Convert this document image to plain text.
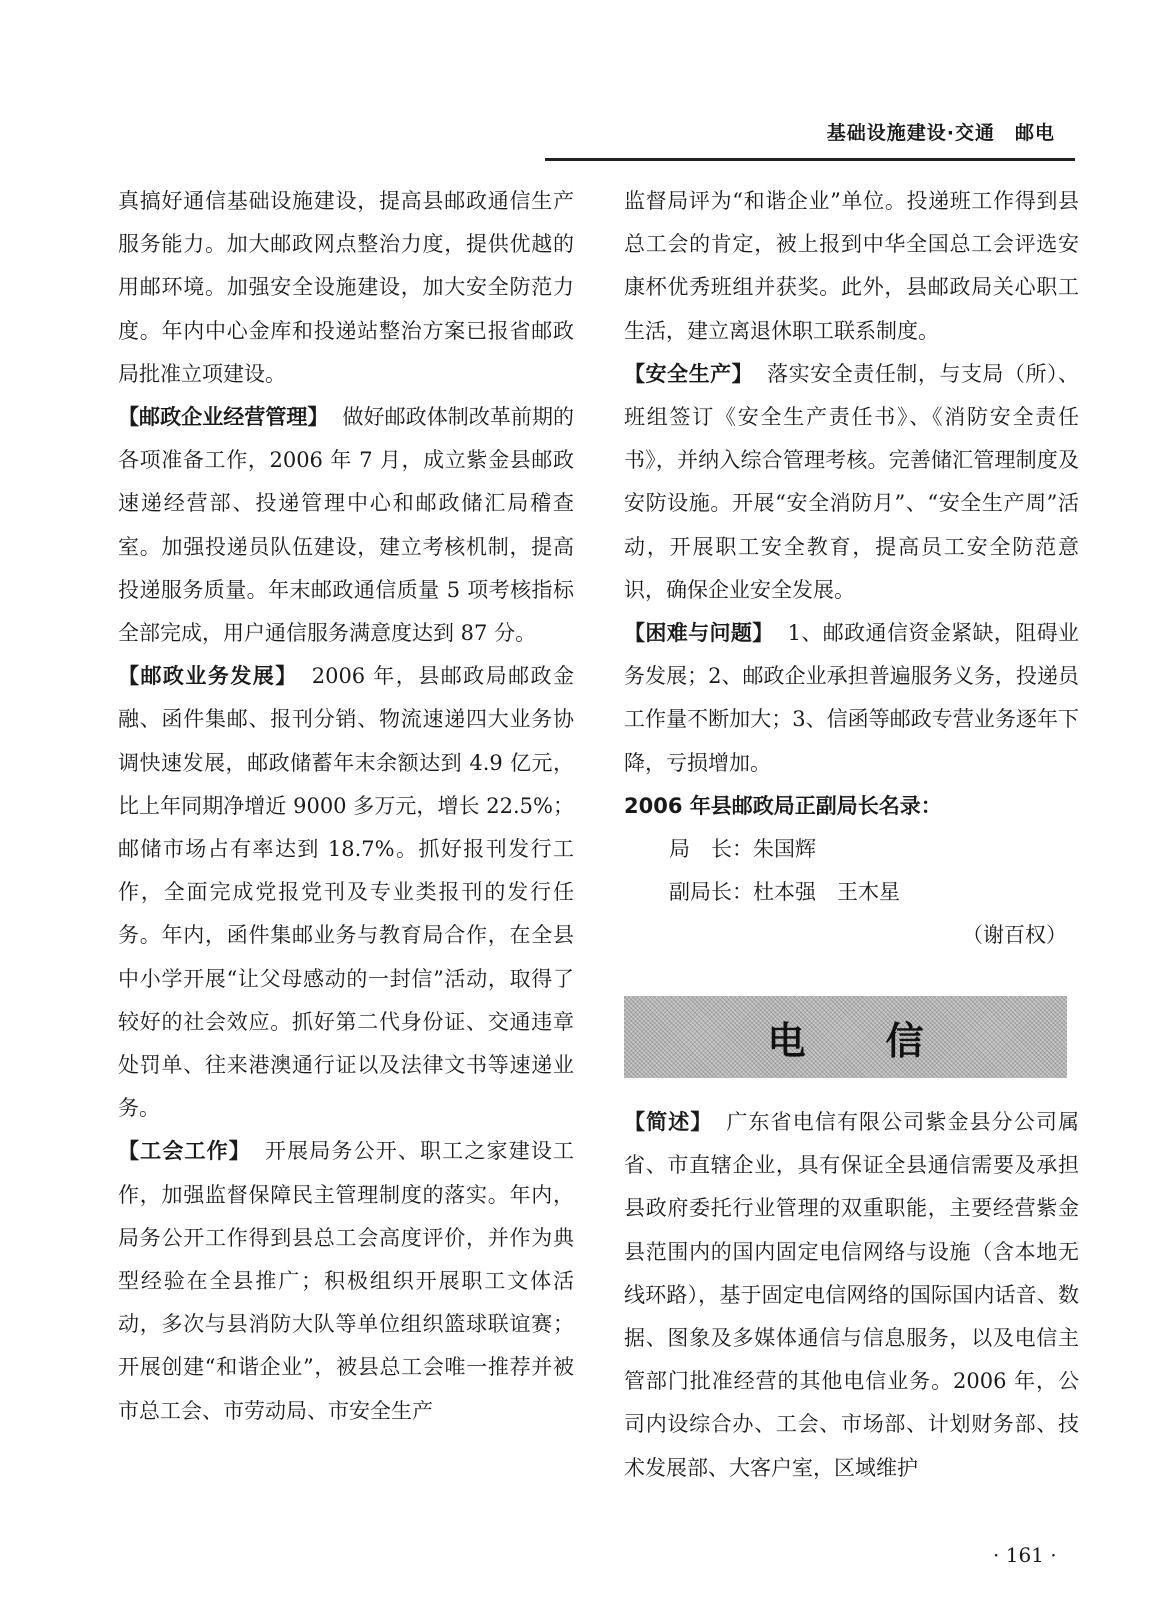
基础设施建设·交通　邮电

真搞好通信基础设施建设，提高县邮政通信生产服务能力。加大邮政网点整治力度，提供优越的用邮环境。加强安全设施建设，加大安全防范力度。年内中心金库和投递站整治方案已报省邮政局批准立项建设。

【邮政企业经营管理】 做好邮政体制改革前期的各项准备工作，2006 年 7 月，成立紫金县邮政速递经营部、投递管理中心和邮政储汇局稽查室。加强投递员队伍建设，建立考核机制，提高投递服务质量。年末邮政通信质量 5 项考核指标全部完成，用户通信服务满意度达到 87 分。

【邮政业务发展】 2006 年，县邮政局邮政金融、函件集邮、报刊分销、物流速递四大业务协调快速发展，邮政储蓄年末余额达到 4.9 亿元，比上年同期净增近 9000 多万元，增长 22.5%；邮储市场占有率达到 18.7%。抓好报刊发行工作，全面完成党报党刊及专业类报刊的发行任务。年内，函件集邮业务与教育局合作，在全县中小学开展“让父母感动的一封信”活动，取得了较好的社会效应。抓好第二代身份证、交通违章处罚单、往来港澳通行证以及法律文书等速递业务。

【工会工作】 开展局务公开、职工之家建设工作，加强监督保障民主管理制度的落实。年内，局务公开工作得到县总工会高度评价，并作为典型经验在全县推广；积极组织开展职工文体活动，多次与县消防大队等单位组织篮球联谊赛；开展创建“和谐企业”，被县总工会唯一推荐并被市总工会、市劳动局、市安全生产

监督局评为“和谐企业”单位。投递班工作得到县总工会的肯定，被上报到中华全国总工会评选安康杯优秀班组并获奖。此外，县邮政局关心职工生活，建立离退休职工联系制度。

【安全生产】 落实安全责任制，与支局（所）、班组签订《安全生产责任书》、《消防安全责任书》，并纳入综合管理考核。完善储汇管理制度及安防设施。开展“安全消防月”、“安全生产周”活动，开展职工安全教育，提高员工安全防范意识，确保企业安全发展。

【困难与问题】 1、邮政通信资金紧缺，阻碍业务发展；2、邮政企业承担普遍服务义务，投递员工作量不断加大；3、信函等邮政专营业务逐年下降，亏损增加。

2006 年县邮政局正副局长名录：

局　长：朱国辉

副局长：杜本强　王木星

（谢百权）

电信

【简述】 广东省电信有限公司紫金县分公司属省、市直辖企业，具有保证全县通信需要及承担县政府委托行业管理的双重职能，主要经营紫金县范围内的国内固定电信网络与设施（含本地无线环路），基于固定电信网络的国际国内话音、数据、图象及多媒体通信与信息服务，以及电信主管部门批准经营的其他电信业务。2006 年，公司内设综合办、工会、市场部、计划财务部、技术发展部、大客户室，区域维护

· 161 ·
